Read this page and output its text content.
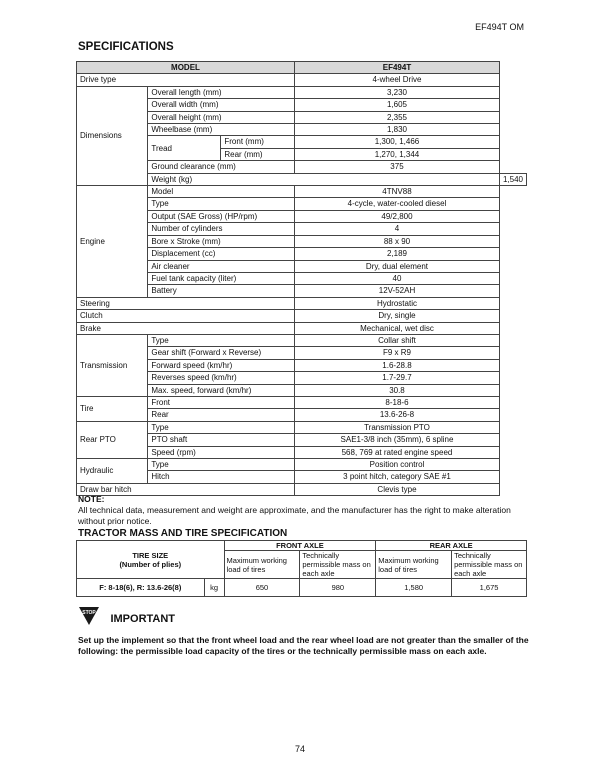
EF494T OM
SPECIFICATIONS
MODEL			EF494T	
Drive type			4-wheel Drive	
Dimensions	Overall length (mm)		3,230	
	Overall width (mm)		1,605	
	Overall height (mm)		2,355	
	Wheelbase (mm)		1,830	
	Tread	Front (mm)	1,300, 1,466	
		Rear (mm)	1,270, 1,344	
	Ground clearance (mm)		375	
	Weight (kg)			1,540
Engine	Model		4TNV88	
	Type		4-cycle, water-cooled diesel	
	Output (SAE Gross) (HP/rpm)		49/2,800	
	Number of cylinders		4	
	Bore x Stroke (mm)		88 x 90	
	Displacement (cc)		2,189	
	Air cleaner		Dry, dual element	
	Fuel tank capacity (liter)		40	
	Battery		12V-52AH	
Steering			Hydrostatic	
Clutch			Dry, single	
Brake			Mechanical, wet disc	
Transmission	Type		Collar shift	
	Gear shift (Forward x Reverse)		F9 x R9	
	Forward speed (km/hr)		1.6-28.8	
	Reverses speed (km/hr)		1.7-29.7	
	Max. speed, forward (km/hr)		30.8	
Tire	Front		8-18-6	
	Rear		13.6-26-8	
Rear PTO	Type		Transmission PTO	
	PTO shaft		SAE1-3/8 inch (35mm), 6 spline	
	Speed (rpm)		568, 769 at rated engine speed	
Hydraulic	Type		Position control	
	Hitch		3 point hitch, category SAE #1	
Draw bar hitch			Clevis type	
NOTE:
All technical data, measurement and weight are approximate, and the manufacturer has the right to make alteration without prior notice.
TRACTOR MASS AND TIRE SPECIFICATION
TIRE SIZE
(Number of plies)		FRONT AXLE		REAR AXLE	
		Maximum working load of tires	Technically permissible mass on each axle	Maximum working load of tires	Technically permissible mass on each axle
F: 8-18(6), R: 13.6-26(8)	kg	650	980	1,580	1,675
STOP IMPORTANT

Set up the implement so that the front wheel load and the rear wheel load are not greater than the smaller of the following: the permissible load capacity of the tires or the technically permissible mass on each axle.

74
